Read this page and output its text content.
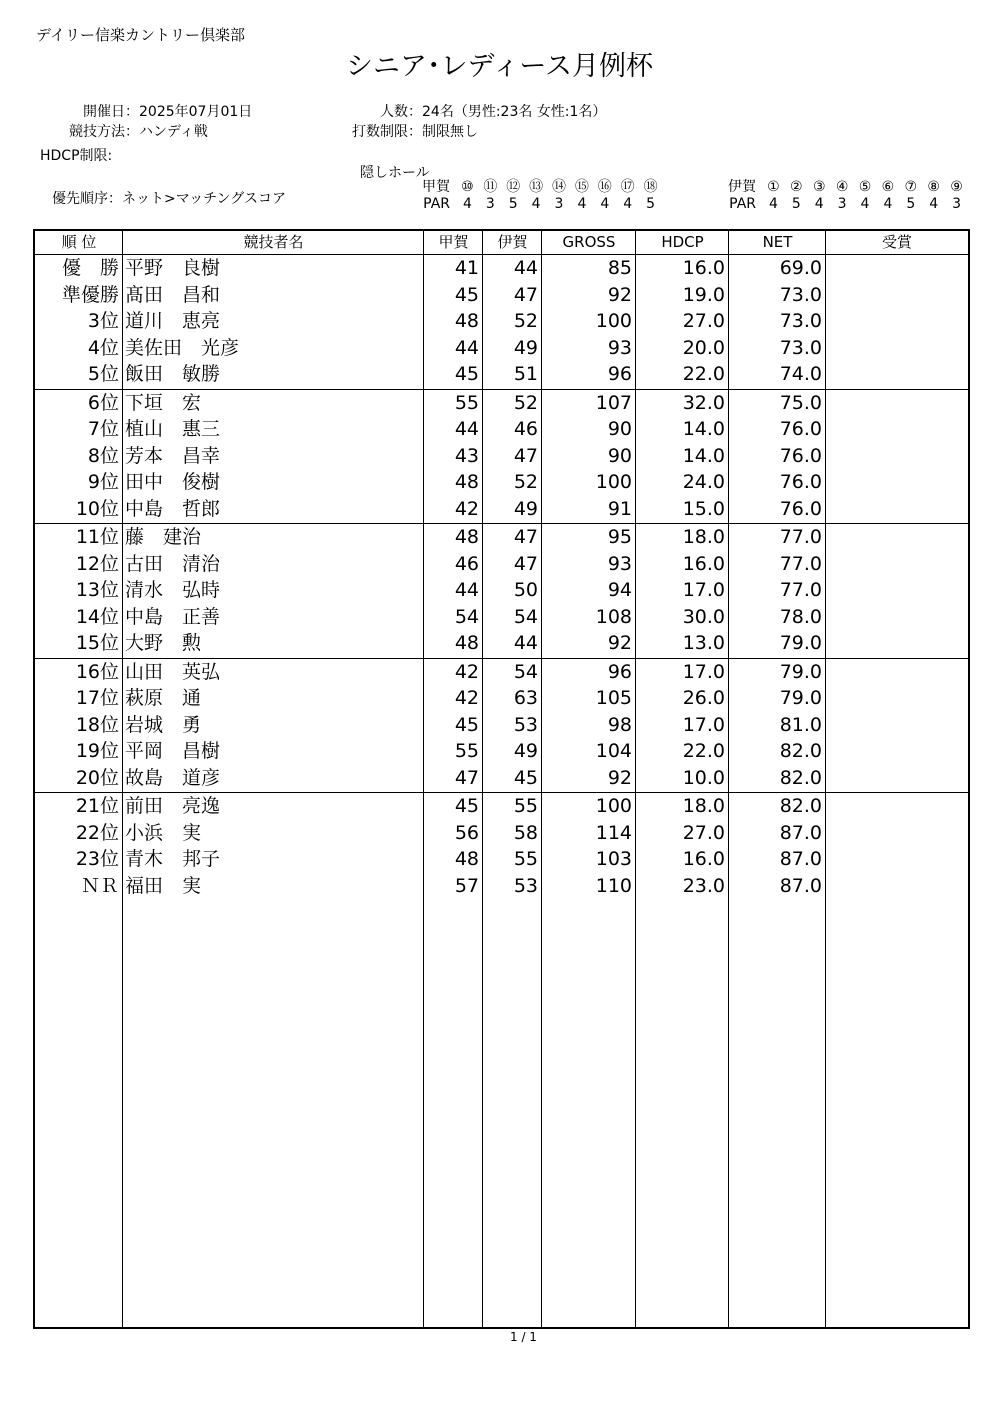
デイリー信楽カントリー倶楽部
シニア･レディース月例杯
開催日：2025年07月01日
競技方法：ハンディ戦
HDCP制限:
人数：24名（男性:23名 女性:1名）
打数制限：制限無し
優先順序：ネット>マッチングスコア
隠しホール
甲賀 ⑩ ⑪ ⑫ ⑬ ⑭ ⑮ ⑯ ⑰ ⑱
PAR 4 3 5 4 3 4 4 4 5
伊賀 ① ② ③ ④ ⑤ ⑥ ⑦ ⑧ ⑨
PAR 4 5 4 3 4 4 5 4 3
順 位	競技者名	甲賀	伊賀	GROSS	HDCP	NET	受賞
優　勝 平野　良樹	41	44	85	16.0	69.0
準優勝 髙田　昌和	45	47	92	19.0	73.0
3位 道川　恵亮	48	52	100	27.0	73.0
4位 美佐田　光彦	44	49	93	20.0	73.0
5位 飯田　敏勝	45	51	96	22.0	74.0
6位 下垣　宏	55	52	107	32.0	75.0
7位 植山　惠三	44	46	90	14.0	76.0
8位 芳本　昌幸	43	47	90	14.0	76.0
9位 田中　俊樹	48	52	100	24.0	76.0
10位 中島　哲郎	42	49	91	15.0	76.0
11位 藤　建治	48	47	95	18.0	77.0
12位 古田　清治	46	47	93	16.0	77.0
13位 清水　弘時	44	50	94	17.0	77.0
14位 中島　正善	54	54	108	30.0	78.0
15位 大野　勲	48	44	92	13.0	79.0
16位 山田　英弘	42	54	96	17.0	79.0
17位 萩原　通	42	63	105	26.0	79.0
18位 岩城　勇	45	53	98	17.0	81.0
19位 平岡　昌樹	55	49	104	22.0	82.0
20位 故島　道彦	47	45	92	10.0	82.0
21位 前田　亮逸	45	55	100	18.0	82.0
22位 小浜　実	56	58	114	27.0	87.0
23位 青木　邦子	48	55	103	16.0	87.0
ＮＲ 福田　実	57	53	110	23.0	87.0
1 / 1
